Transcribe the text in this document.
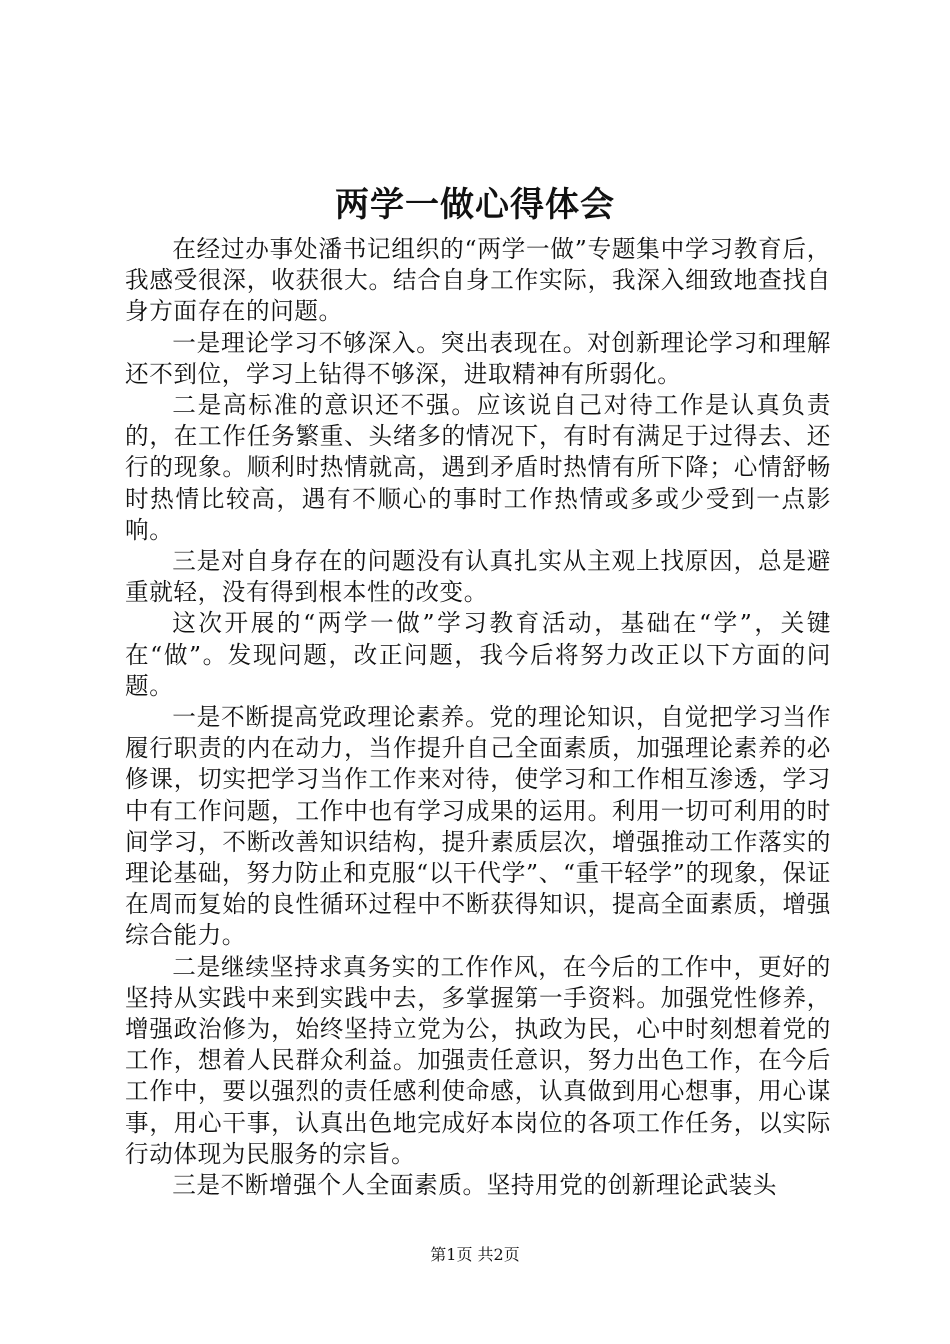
两学一做心得体会

在经过办事处潘书记组织的“两学一做”专题集中学习教育后，我感受很深，收获很大。结合自身工作实际，我深入细致地查找自身方面存在的问题。

一是理论学习不够深入。突出表现在。对创新理论学习和理解还不到位，学习上钻得不够深，进取精神有所弱化。

二是高标准的意识还不强。应该说自己对待工作是认真负责的，在工作任务繁重、头绪多的情况下，有时有满足于过得去、还行的现象。顺利时热情就高，遇到矛盾时热情有所下降；心情舒畅时热情比较高，遇有不顺心的事时工作热情或多或少受到一点影响。

三是对自身存在的问题没有认真扎实从主观上找原因，总是避重就轻，没有得到根本性的改变。

这次开展的“两学一做”学习教育活动，基础在“学”，关键在“做”。发现问题，改正问题，我今后将努力改正以下方面的问题。

一是不断提高党政理论素养。党的理论知识，自觉把学习当作履行职责的内在动力，当作提升自己全面素质，加强理论素养的必修课，切实把学习当作工作来对待，使学习和工作相互渗透，学习中有工作问题，工作中也有学习成果的运用。利用一切可利用的时间学习，不断改善知识结构，提升素质层次，增强推动工作落实的理论基础，努力防止和克服“以干代学”、“重干轻学”的现象，保证在周而复始的良性循环过程中不断获得知识，提高全面素质，增强综合能力。

二是继续坚持求真务实的工作作风，在今后的工作中，更好的坚持从实践中来到实践中去，多掌握第一手资料。加强党性修养，增强政治修为，始终坚持立党为公，执政为民，心中时刻想着党的工作，想着人民群众利益。加强责任意识，努力出色工作，在今后工作中，要以强烈的责任感利使命感，认真做到用心想事，用心谋事，用心干事，认真出色地完成好本岗位的各项工作任务，以实际行动体现为民服务的宗旨。

三是不断增强个人全面素质。坚持用党的创新理论武装头

第1页 共2页
